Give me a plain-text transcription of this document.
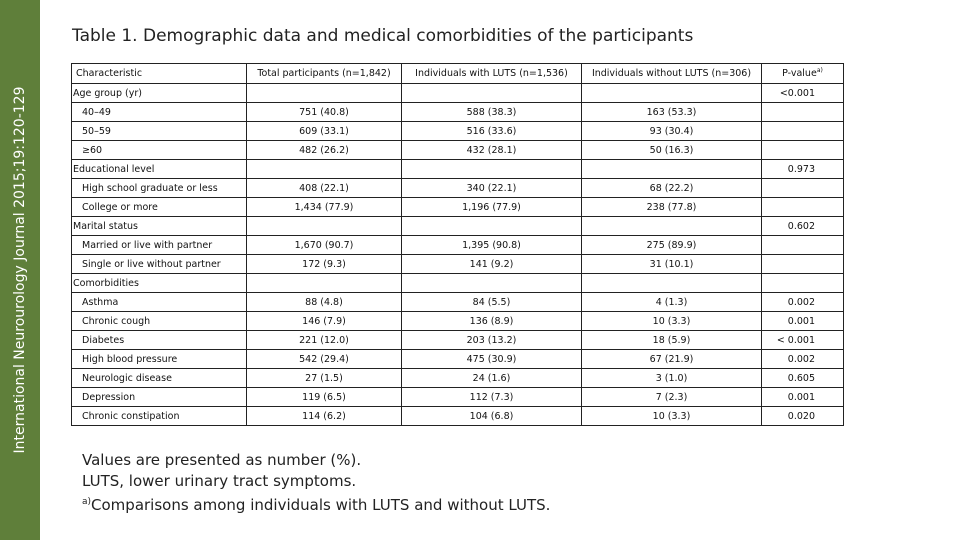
International Neurourology Journal 2015;19:120-129
Table 1. Demographic data and medical comorbidities of the participants
Characteristic	Total participants (n=1,842)	Individuals with LUTS (n=1,536)	Individuals without LUTS (n=306)	P-value$^{a)}$
Age group (yr)				<0.001
40–49	751 (40.8)	588 (38.3)	163 (53.3)	
50–59	609 (33.1)	516 (33.6)	93 (30.4)	
≥60	482 (26.2)	432 (28.1)	50 (16.3)	
Educational level				0.973
High school graduate or less	408 (22.1)	340 (22.1)	68 (22.2)	
College or more	1,434 (77.9)	1,196 (77.9)	238 (77.8)	
Marital status				0.602
Married or live with partner	1,670 (90.7)	1,395 (90.8)	275 (89.9)	
Single or live without partner	172 (9.3)	141 (9.2)	31 (10.1)	
Comorbidities				
Asthma	88 (4.8)	84 (5.5)	4 (1.3)	0.002
Chronic cough	146 (7.9)	136 (8.9)	10 (3.3)	0.001
Diabetes	221 (12.0)	203 (13.2)	18 (5.9)	< 0.001
High blood pressure	542 (29.4)	475 (30.9)	67 (21.9)	0.002
Neurologic disease	27 (1.5)	24 (1.6)	3 (1.0)	0.605
Depression	119 (6.5)	112 (7.3)	7 (2.3)	0.001
Chronic constipation	114 (6.2)	104 (6.8)	10 (3.3)	0.020
Values are presented as number (%).
LUTS, lower urinary tract symptoms.
$^{a)}$Comparisons among individuals with LUTS and without LUTS.
